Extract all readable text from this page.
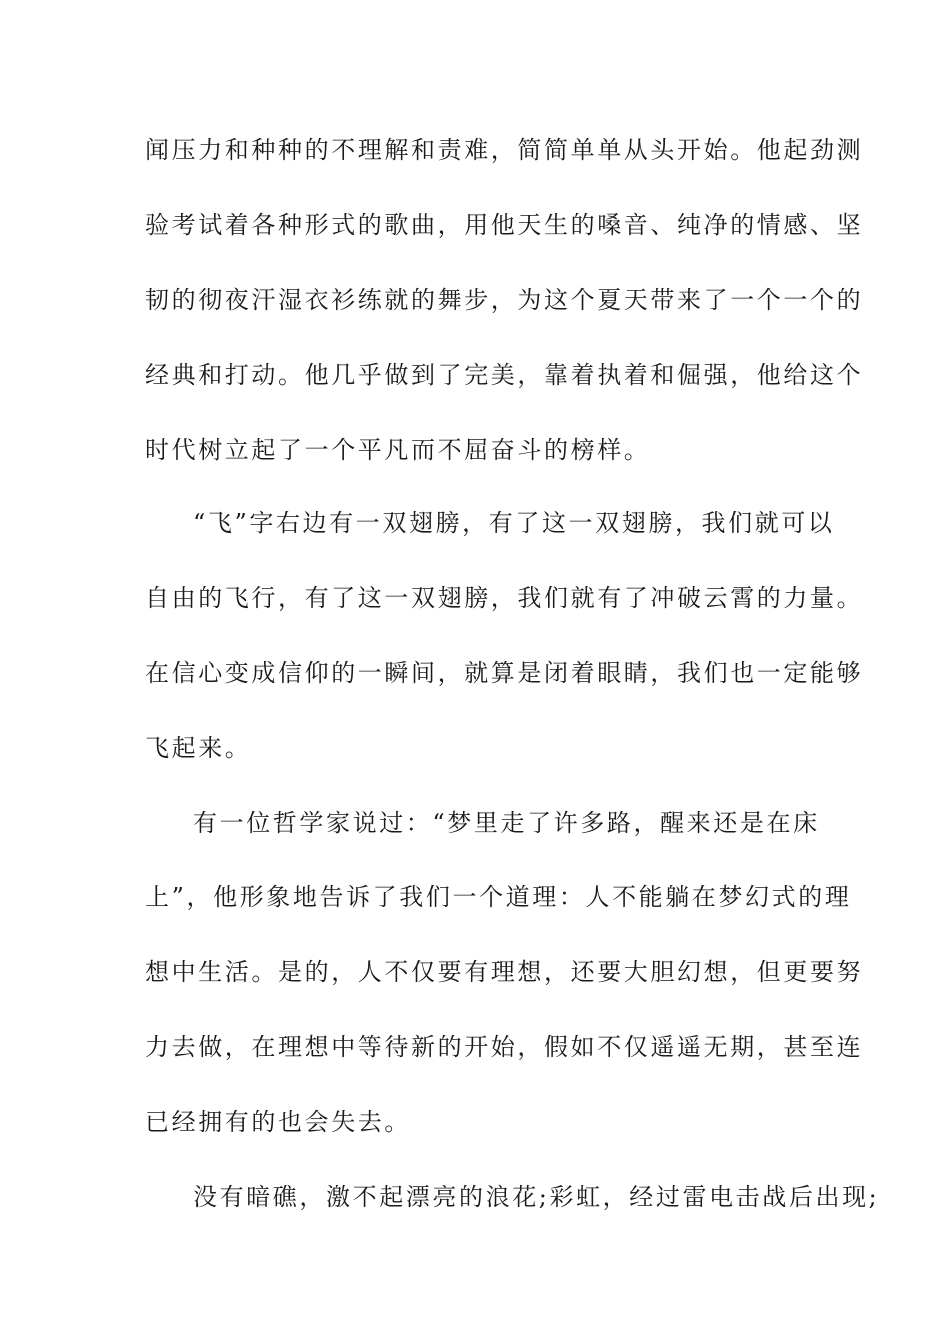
闻压力和种种的不理解和责难，简简单单从头开始。他起劲测
验考试着各种形式的歌曲，用他天生的嗓音、纯净的情感、坚
韧的彻夜汗湿衣衫练就的舞步，为这个夏天带来了一个一个的
经典和打动。他几乎做到了完美，靠着执着和倔强，他给这个
时代树立起了一个平凡而不屈奋斗的榜样。
“飞”字右边有一双翅膀，有了这一双翅膀，我们就可以
自由的飞行，有了这一双翅膀，我们就有了冲破云霄的力量。
在信心变成信仰的一瞬间，就算是闭着眼睛，我们也一定能够
飞起来。
有一位哲学家说过：“梦里走了许多路，醒来还是在床
上”，他形象地告诉了我们一个道理：人不能躺在梦幻式的理
想中生活。是的，人不仅要有理想，还要大胆幻想，但更要努
力去做，在理想中等待新的开始，假如不仅遥遥无期，甚至连
已经拥有的也会失去。
没有暗礁，激不起漂亮的浪花;彩虹，经过雷电击战后出现;
